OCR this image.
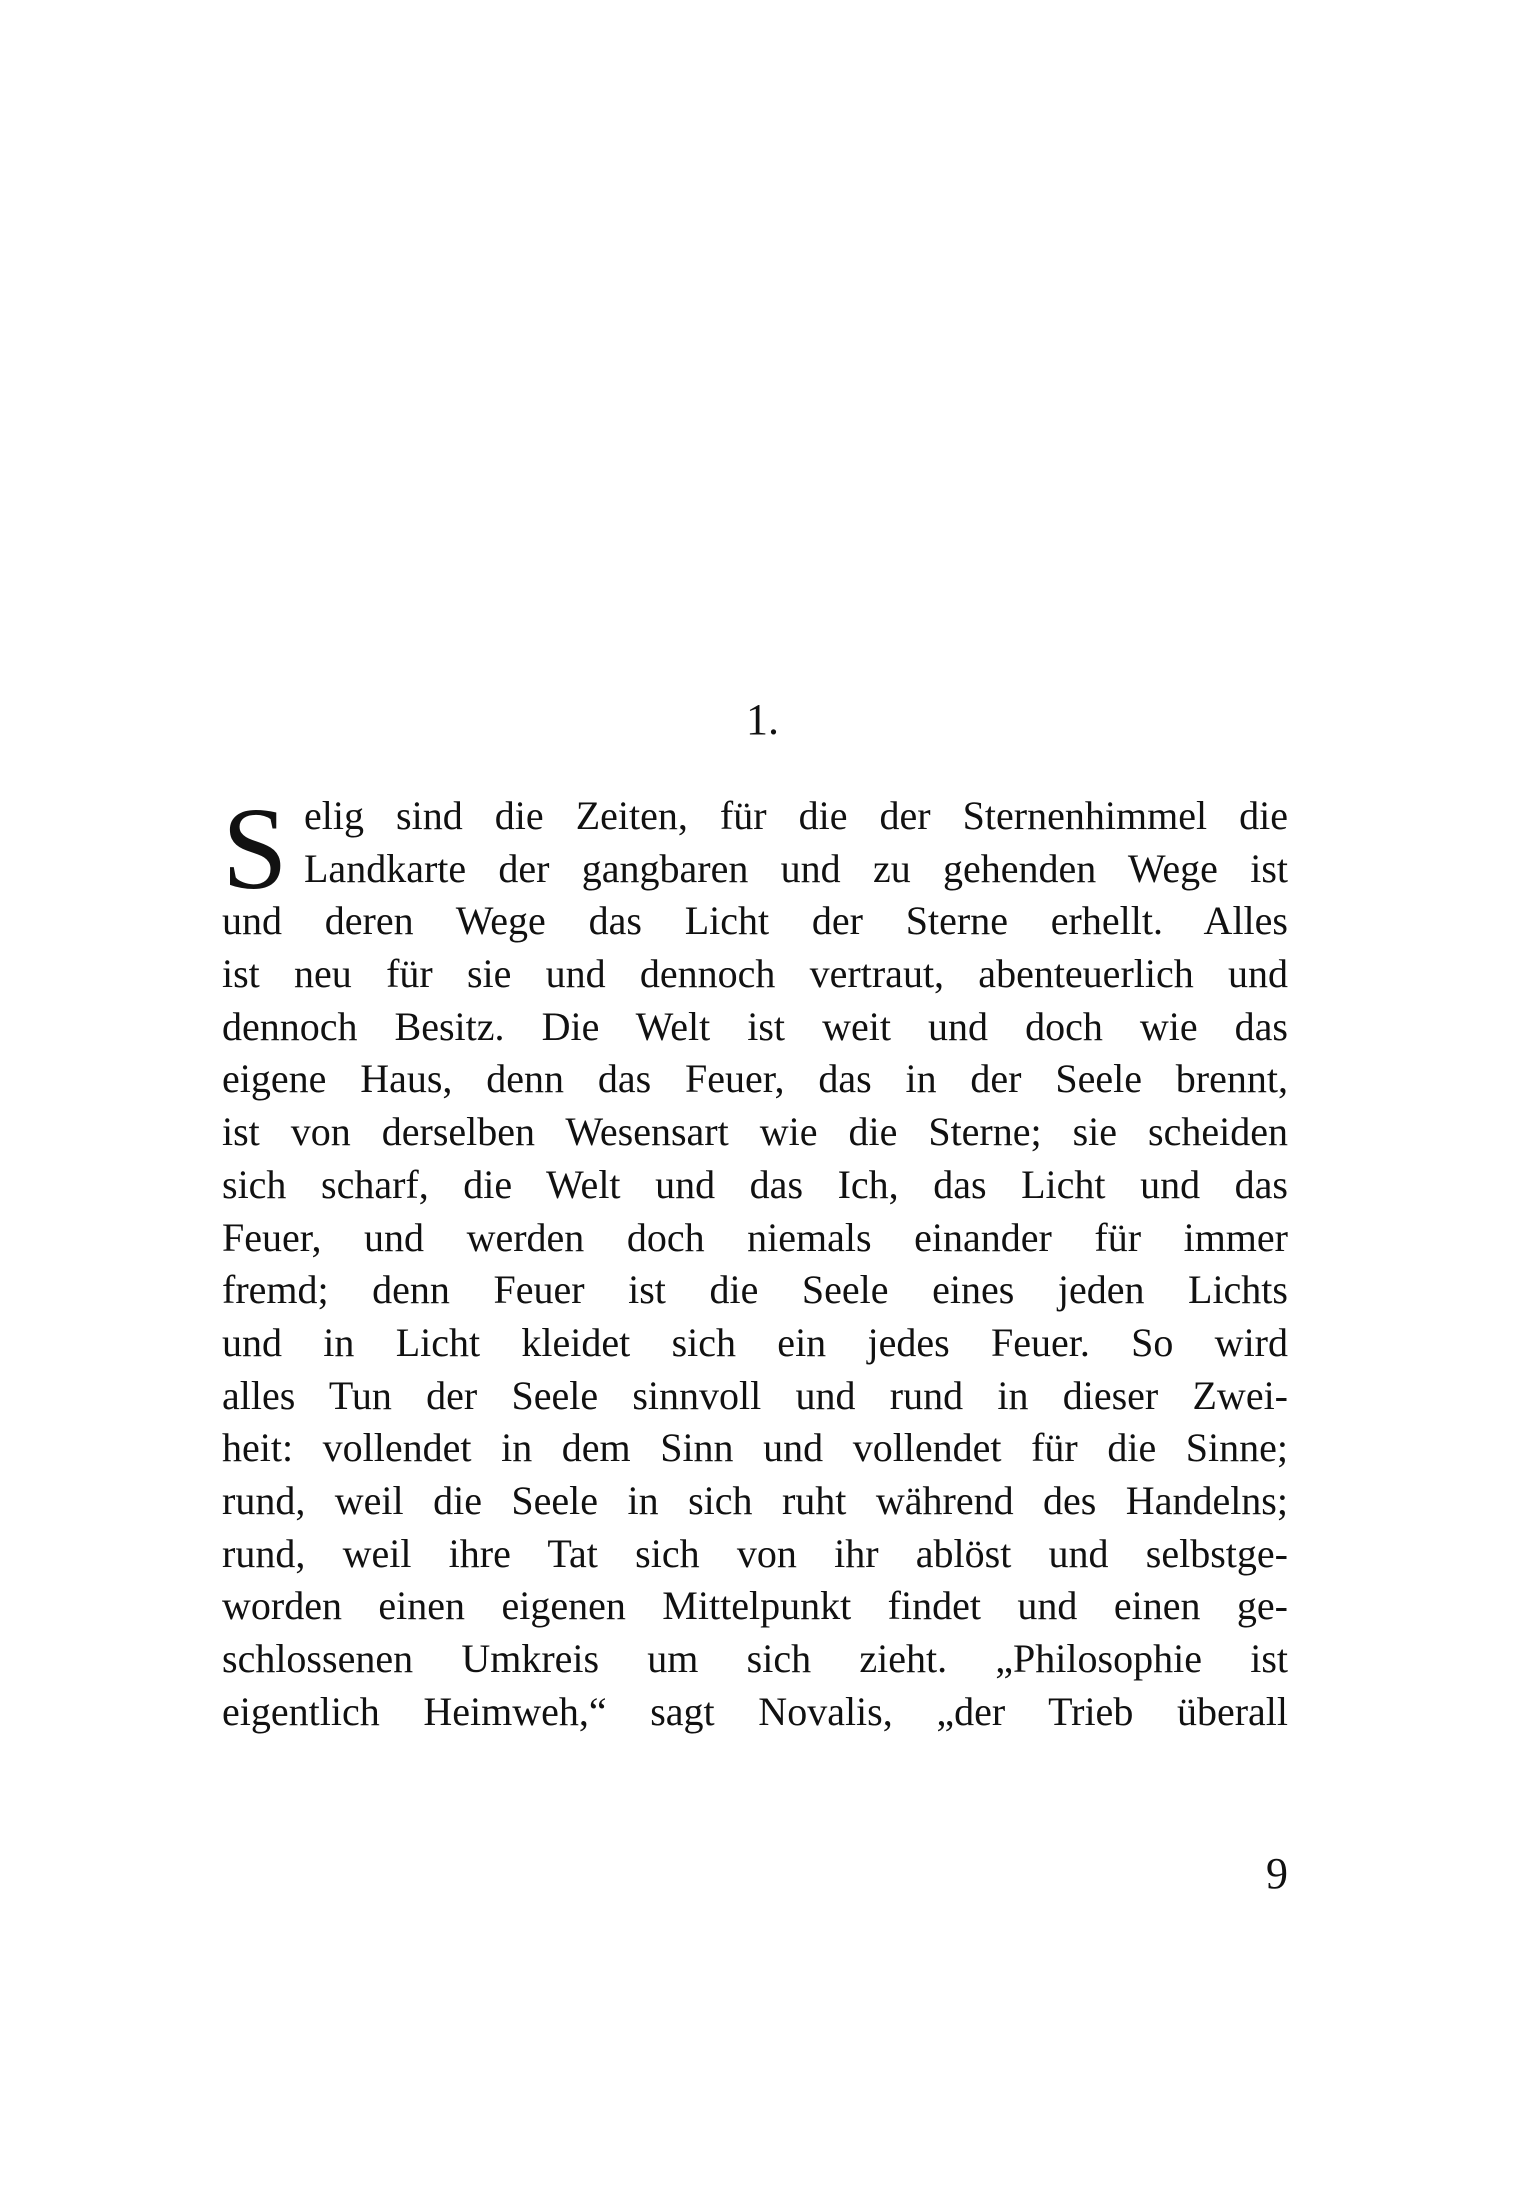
1.
S elig sind die Zeiten, für die der Sternenhimmel die
Landkarte der gangbaren und zu gehenden Wege ist
und deren Wege das Licht der Sterne erhellt. Alles
ist neu für sie und dennoch vertraut, abenteuerlich und
dennoch Besitz. Die Welt ist weit und doch wie das
eigene Haus, denn das Feuer, das in der Seele brennt,
ist von derselben Wesensart wie die Sterne; sie scheiden
sich scharf, die Welt und das Ich, das Licht und das
Feuer, und werden doch niemals einander für immer
fremd; denn Feuer ist die Seele eines jeden Lichts
und in Licht kleidet sich ein jedes Feuer. So wird
alles Tun der Seele sinnvoll und rund in dieser Zwei-
heit: vollendet in dem Sinn und vollendet für die Sinne;
rund, weil die Seele in sich ruht während des Handelns;
rund, weil ihre Tat sich von ihr ablöst und selbstge-
worden einen eigenen Mittelpunkt findet und einen ge-
schlossenen Umkreis um sich zieht. „Philosophie ist
eigentlich Heimweh,“ sagt Novalis, „der Trieb überall
9
